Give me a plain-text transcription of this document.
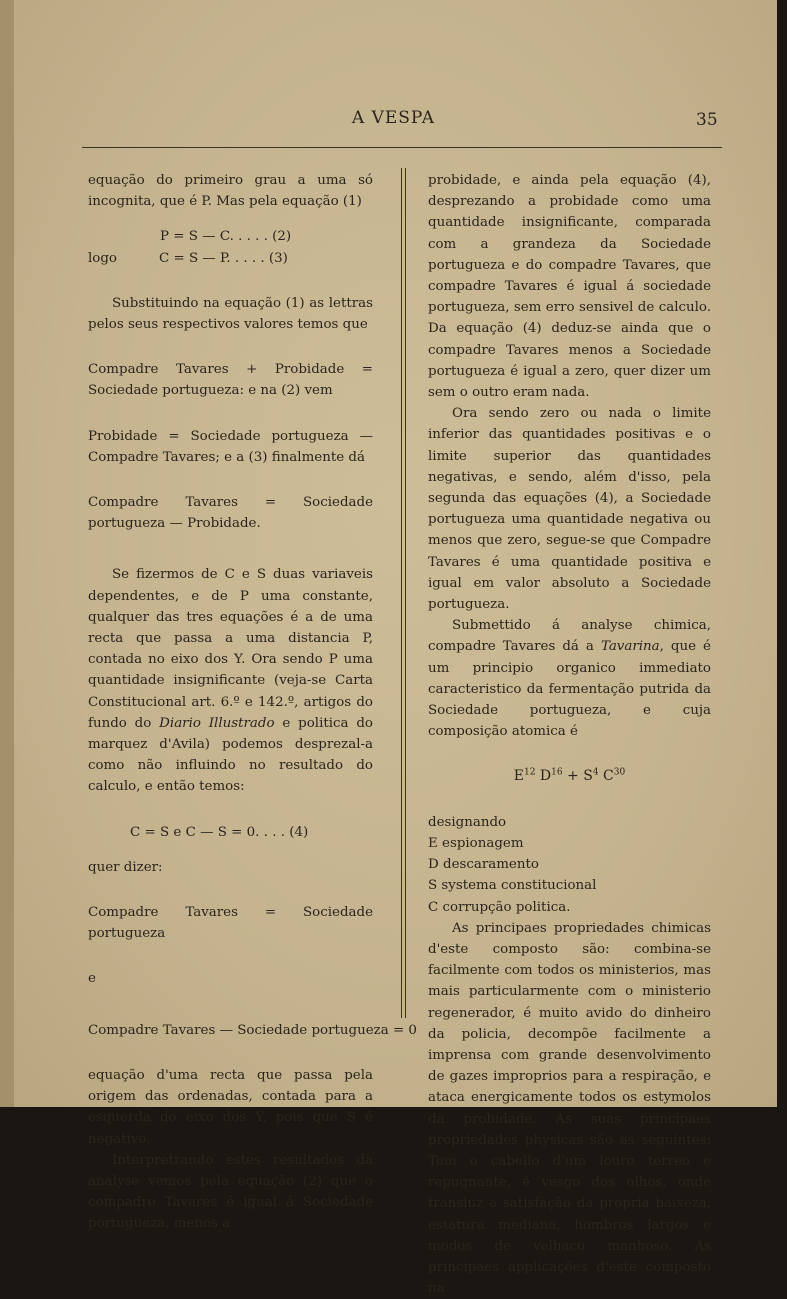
A VESPA	35

equação do primeiro grau a uma só incognita, que é P. Mas pela equação (1)

P = S — C. . . . . (2)

logo	C = S — P. . . . . (3)

Substituindo na equação (1) as lettras pelos seus respectivos valores temos que

Compadre Tavares + Probidade = Sociedade portugueza: e na (2) vem

Probidade = Sociedade portugueza — Compadre Tavares; e a (3) finalmente dá

Compadre Tavares = Sociedade portugueza — Probidade.

Se fizermos de C e S duas variaveis dependentes, e de P uma constante, qualquer das tres equações é a de uma recta que passa a uma distancia P, contada no eixo dos Y. Ora sendo P uma quantidade insignificante (veja-se Carta Constitucional art. 6.º e 142.º, artigos do fundo do Diario Illustrado e politica do marquez d'Avila) podemos desprezal-a como não influindo no resultado do calculo, e então temos:

C = S e C — S = 0. . . . (4)

quer dizer:

Compadre Tavares = Sociedade portugueza

e

Compadre Tavares — Sociedade portugueza = 0

equação d'uma recta que passa pela origem das ordenadas, contada para a esquerda do eixo dos Y, pois que S é negativo.

Interpretrando estes resultados da analyse vemos pela equação (2) que o compadre Tavares é igual á Sociedade portugueza, menos a

probidade, e ainda pela equação (4), desprezando a probidade como uma quantidade insignificante, comparada com a grandeza da Sociedade portugueza e do compadre Tavares, que compadre Tavares é igual á sociedade portugueza, sem erro sensivel de calculo. Da equação (4) deduz-se ainda que o compadre Tavares menos a Sociedade portugueza é igual a zero, quer dizer um sem o outro eram nada.

Ora sendo zero ou nada o limite inferior das quantidades positivas e o limite superior das quantidades negativas, e sendo, além d'isso, pela segunda das equações (4), a Sociedade portugueza uma quantidade negativa ou menos que zero, segue-se que Compadre Tavares é uma quantidade positiva e igual em valor absoluto a Sociedade portugueza.

Submettido á analyse chimica, compadre Tavares dá a Tavarina, que é um principio organico immediato caracteristico da fermentação putrida da Sociedade portugueza, e cuja composição atomica é

$E^{12}$ $D^{16} + S^4$ $C^{30}$

designando

E espionagem

D descaramento

S systema constitucional

C corrupção politica.

As principaes propriedades chimicas d'este composto são: combina-se facilmente com todos os ministerios, mas mais particularmente com o ministerio regenerador, é muito avido do dinheiro da policia, decompõe facilmente a imprensa com grande desenvolvimento de gazes improprios para a respiração, e ataca energicamente todos os estymolos da probidade. As suas principaes propriedades physicas são as seguintes: Tem o cabello d'um louro terreo e repugnante, é vesgo dos olhos, onde transluz a satisfação da propria baixeza, estatura mediana, hombros largos e modos de velhaco manhoso. As principaes applicações d'este composto na
